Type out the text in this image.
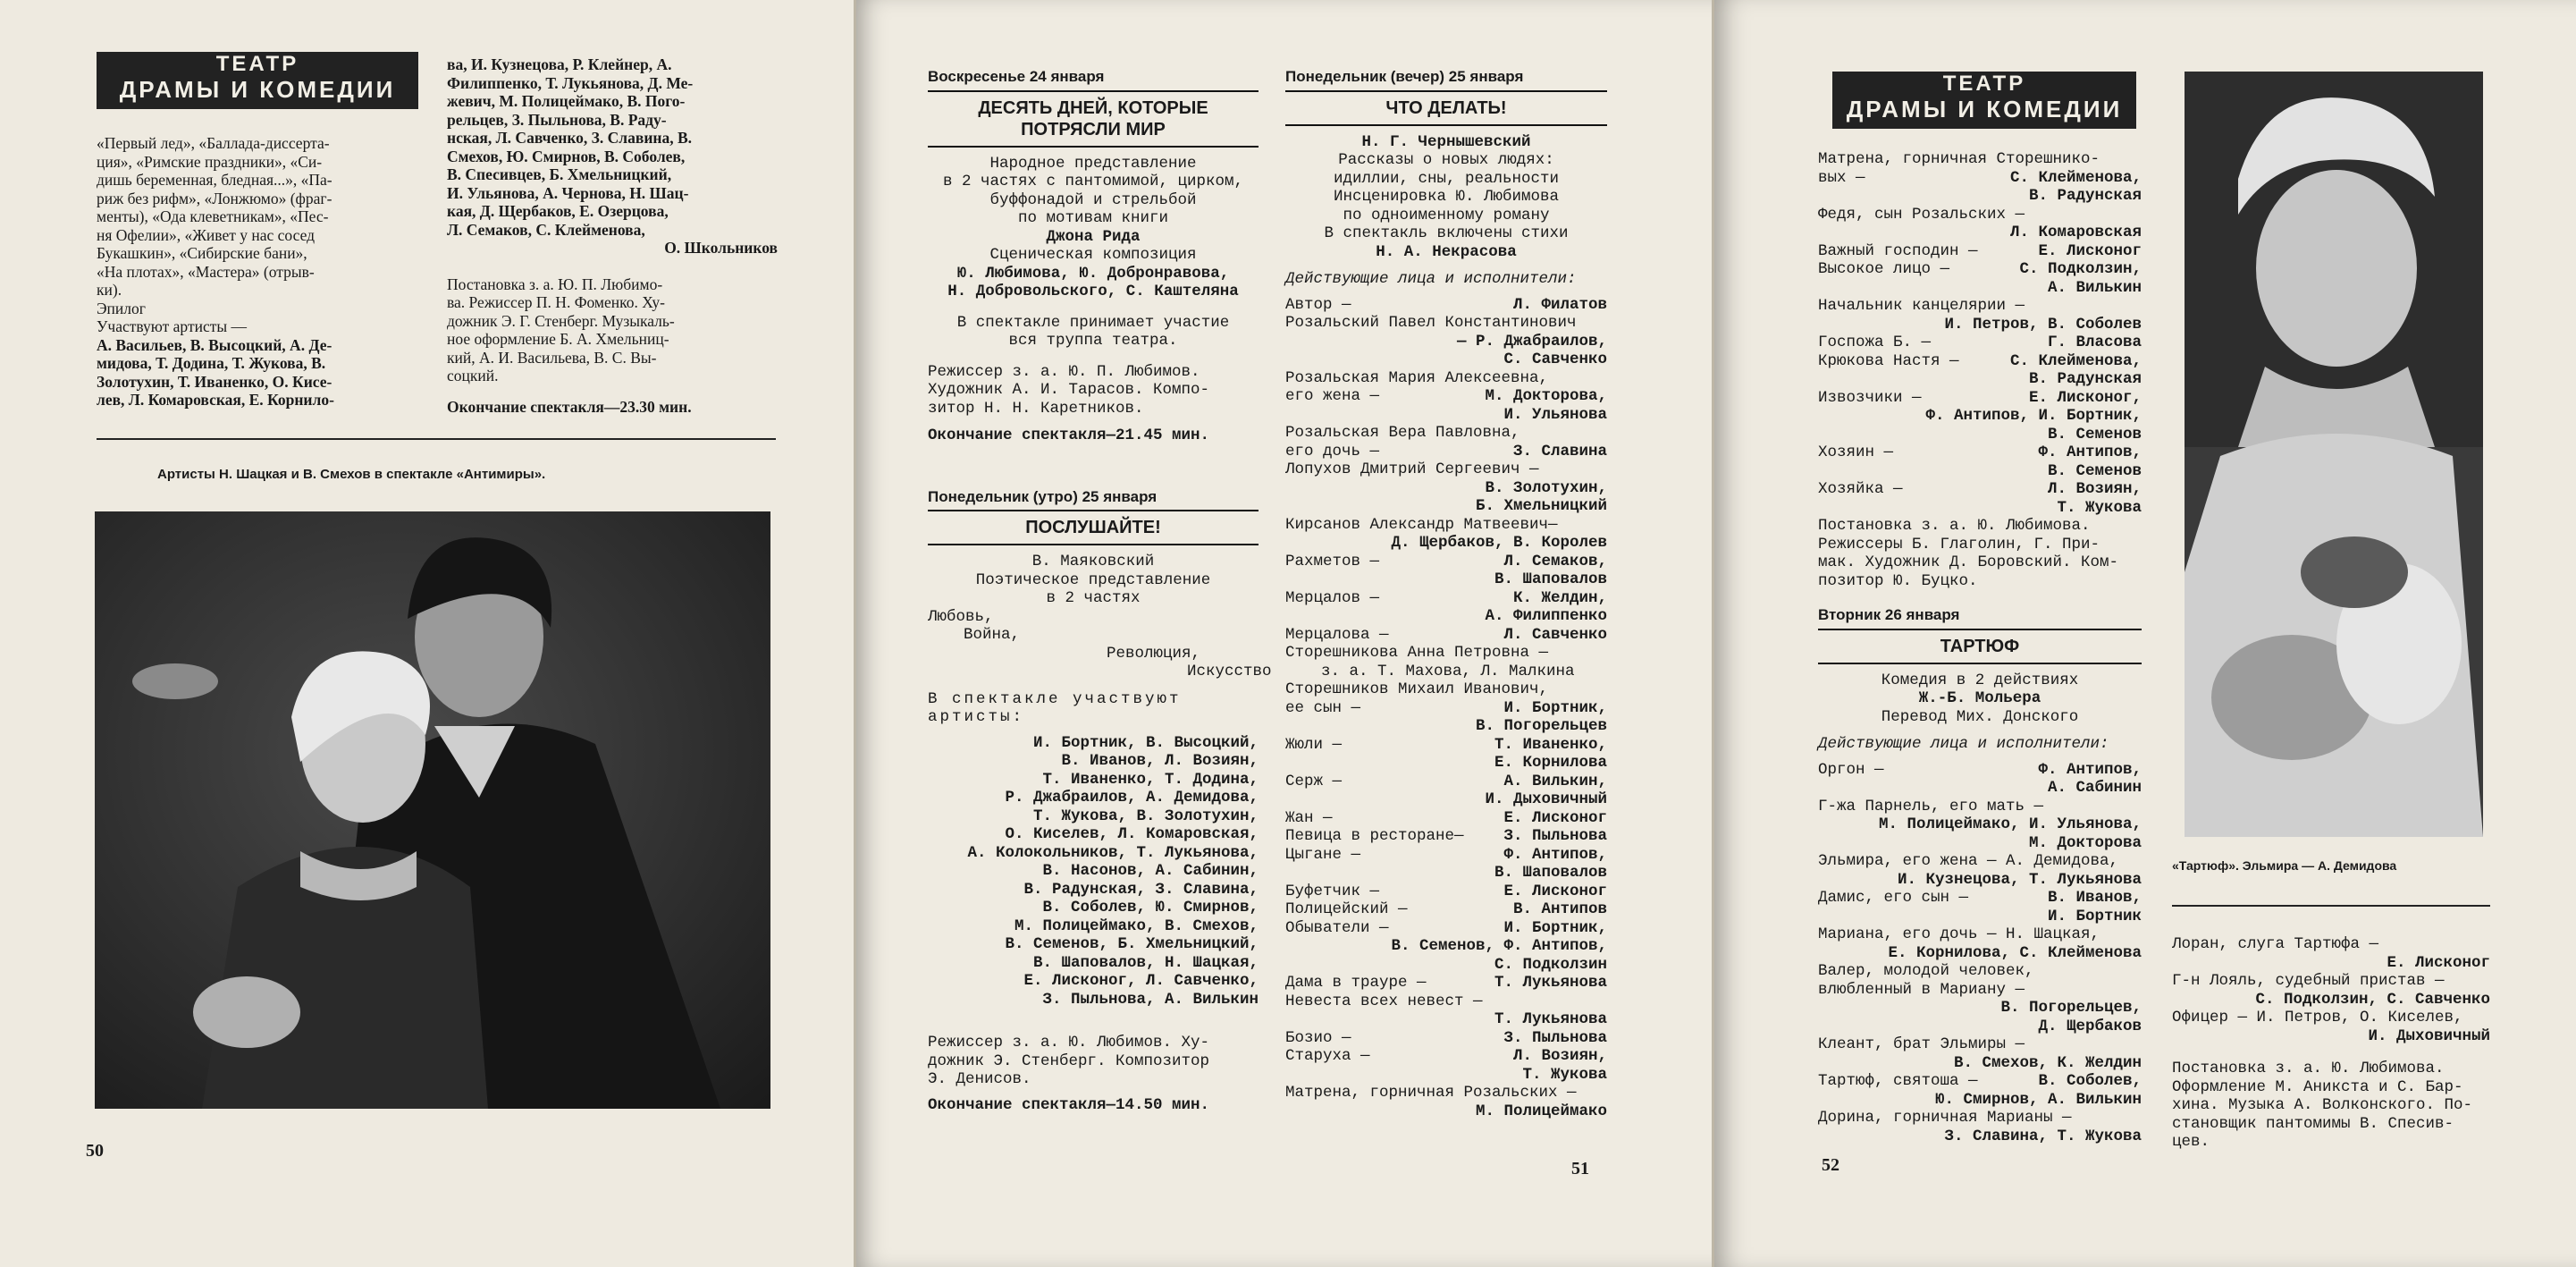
ТЕАТР
ДРАМЫ И КОМЕДИИ
«Первый лед», «Баллада-диссерта-
ция», «Римские праздники», «Си-
дишь беременная, бледная...», «Па-
риж без рифм», «Лонжюмо» (фраг-
менты), «Ода клеветникам», «Пес-
ня Офелии», «Живет у нас сосед
Букашкин», «Сибирские бани»,
«На плотах», «Мастера» (отрыв-
ки).
Эпилог
Участвуют артисты —
А. Васильев, В. Высоцкий, А. Де-
мидова, Т. Додина, Т. Жукова, В.
Золотухин, Т. Иваненко, О. Кисе-
лев, Л. Комаровская, Е. Корнило-
ва, И. Кузнецова, Р. Клейнер, А.
Филиппенко, Т. Лукьянова, Д. Ме-
жевич, М. Полицеймако, В. Пого-
рельцев, З. Пыльнова, В. Раду-
нская, Л. Савченко, З. Славина, В.
Смехов, Ю. Смирнов, В. Соболев,
В. Спесивцев, Б. Хмельницкий,
И. Ульянова, А. Чернова, Н. Шац-
кая, Д. Щербаков, Е. Озерцова,
Л. Семаков, С. Клейменова,
О. Школьников
Постановка з. а. Ю. П. Любимо-
ва. Режиссер П. Н. Фоменко. Ху-
дожник Э. Г. Стенберг. Музыкаль-
ное оформление Б. А. Хмельниц-
кий, А. И. Васильева, В. С. Вы-
соцкий.
Окончание спектакля—23.30 мин.
Артисты Н. Шацкая и В. Смехов в спектакле «Антимиры».
50
Воскресенье 24 января
ДЕСЯТЬ ДНЕЙ, КОТОРЫЕ
ПОТРЯСЛИ МИР
Народное представление
в 2 частях с пантомимой, цирком,
буффонадой и стрельбой
по мотивам книги
Джона Рида
Сценическая композиция
Ю. Любимова, Ю. Добронравова,
Н. Добровольского, С. Каштеляна
В спектакле принимает участие
вся труппа театра.
Режиссер з. а. Ю. П. Любимов.
Художник А. И. Тарасов. Компо-
зитор Н. Н. Каретников.
Окончание спектакля—21.45 мин.
Понедельник (утро) 25 января
ПОСЛУШАЙТЕ!
В. Маяковский
Поэтическое представление
в 2 частях
Любовь,
Война,
Революция,
Искусство
В спектакле участвуют
артисты:
И. Бортник, В. Высоцкий,
В. Иванов, Л. Возиян,
Т. Иваненко, Т. Додина,
Р. Джабраилов, А. Демидова,
Т. Жукова, В. Золотухин,
О. Киселев, Л. Комаровская,
А. Колокольников, Т. Лукьянова,
В. Насонов, А. Сабинин,
В. Радунская, З. Славина,
В. Соболев, Ю. Смирнов,
М. Полицеймако, В. Смехов,
В. Семенов, Б. Хмельницкий,
В. Шаповалов, Н. Шацкая,
Е. Лисконог, Л. Савченко,
З. Пыльнова, А. Вилькин
Режиссер з. а. Ю. Любимов. Ху-
дожник Э. Стенберг. Композитор
Э. Денисов.
Окончание спектакля—14.50 мин.
Понедельник (вечер) 25 января
ЧТО ДЕЛАТЬ!
Н. Г. Чернышевский
Рассказы о новых людях:
идиллии, сны, реальности
Инсценировка Ю. Любимова
по одноименному роману
В спектакль включены стихи
Н. А. Некрасова
Действующие лица и исполнители:
Автор —	Л. Филатов
Розальский Павел Константинович
— Р. Джабраилов,
С. Савченко
Розальская Мария Алексеевна,
его жена —	М. Докторова,
И. Ульянова
Розальская Вера Павловна,
его дочь —	З. Славина
Лопухов Дмитрий Сергеевич —
В. Золотухин,
Б. Хмельницкий
Кирсанов Александр Матвеевич—
Д. Щербаков, В. Королев
Рахметов —	Л. Семаков,
В. Шаповалов
Мерцалов —	К. Желдин,
А. Филиппенко
Мерцалова —	Л. Савченко
Сторешникова Анна Петровна —
з. а. Т. Махова, Л. Малкина
Сторешников Михаил Иванович,
ее сын —	И. Бортник,
В. Погорельцев
Жюли —	Т. Иваненко,
Е. Корнилова
Серж —	А. Вилькин,
И. Дыховичный
Жан —	Е. Лисконог
Певица в ресторане—	З. Пыльнова
Цыгане —	Ф. Антипов,
В. Шаповалов
Буфетчик —	Е. Лисконог
Полицейский —	В. Антипов
Обыватели —	И. Бортник,
В. Семенов, Ф. Антипов,
С. Подколзин
Дама в трауре —	Т. Лукьянова
Невеста всех невест —
Т. Лукьянова
Бозио —	З. Пыльнова
Старуха —	Л. Возиян,
Т. Жукова
Матрена, горничная Розальских —
М. Полицеймако
51
ТЕАТР
ДРАМЫ И КОМЕДИИ
Матрена, горничная Сторешнико-
вых —	С. Клейменова,
В. Радунская
Федя, сын Розальских —
Л. Комаровская
Важный господин —	Е. Лисконог
Высокое лицо —	С. Подколзин,
А. Вилькин
Начальник канцелярии —
И. Петров, В. Соболев
Госпожа Б. —	Г. Власова
Крюкова Настя —	С. Клейменова,
В. Радунская
Извозчики —	Е. Лисконог,
Ф. Антипов, И. Бортник,
В. Семенов
Хозяин —	Ф. Антипов,
В. Семенов
Хозяйка —	Л. Возиян,
Т. Жукова
Постановка з. а. Ю. Любимова.
Режиссеры Б. Глаголин, Г. При-
мак. Художник Д. Боровский. Ком-
позитор Ю. Буцко.
Вторник 26 января
ТАРТЮФ
Комедия в 2 действиях
Ж.-Б. Мольера
Перевод Мих. Донского
Действующие лица и исполнители:
Оргон —	Ф. Антипов,
А. Сабинин
Г-жа Парнель, его мать —
М. Полицеймако, И. Ульянова,
М. Докторова
Эльмира, его жена — А. Демидова,
И. Кузнецова, Т. Лукьянова
Дамис, его сын —	В. Иванов,
И. Бортник
Мариана, его дочь — Н. Шацкая,
Е. Корнилова, С. Клейменова
Валер, молодой человек,
влюбленный в Мариану —
В. Погорельцев,
Д. Щербаков
Клеант, брат Эльмиры —
В. Смехов, К. Желдин
Тартюф, святоша —	В. Соболев,
Ю. Смирнов, А. Вилькин
Дорина, горничная Марианы —
З. Славина, Т. Жукова
«Тартюф». Эльмира — А. Демидова
Лоран, слуга Тартюфа —
Е. Лисконог
Г-н Лояль, судебный пристав —
С. Подколзин, С. Савченко
Офицер — И. Петров, О. Киселев,
И. Дыховичный
Постановка з. а. Ю. Любимова.
Оформление М. Аникста и С. Бар-
хина. Музыка А. Волконского. По-
становщик пантомимы В. Спесив-
цев.
52
